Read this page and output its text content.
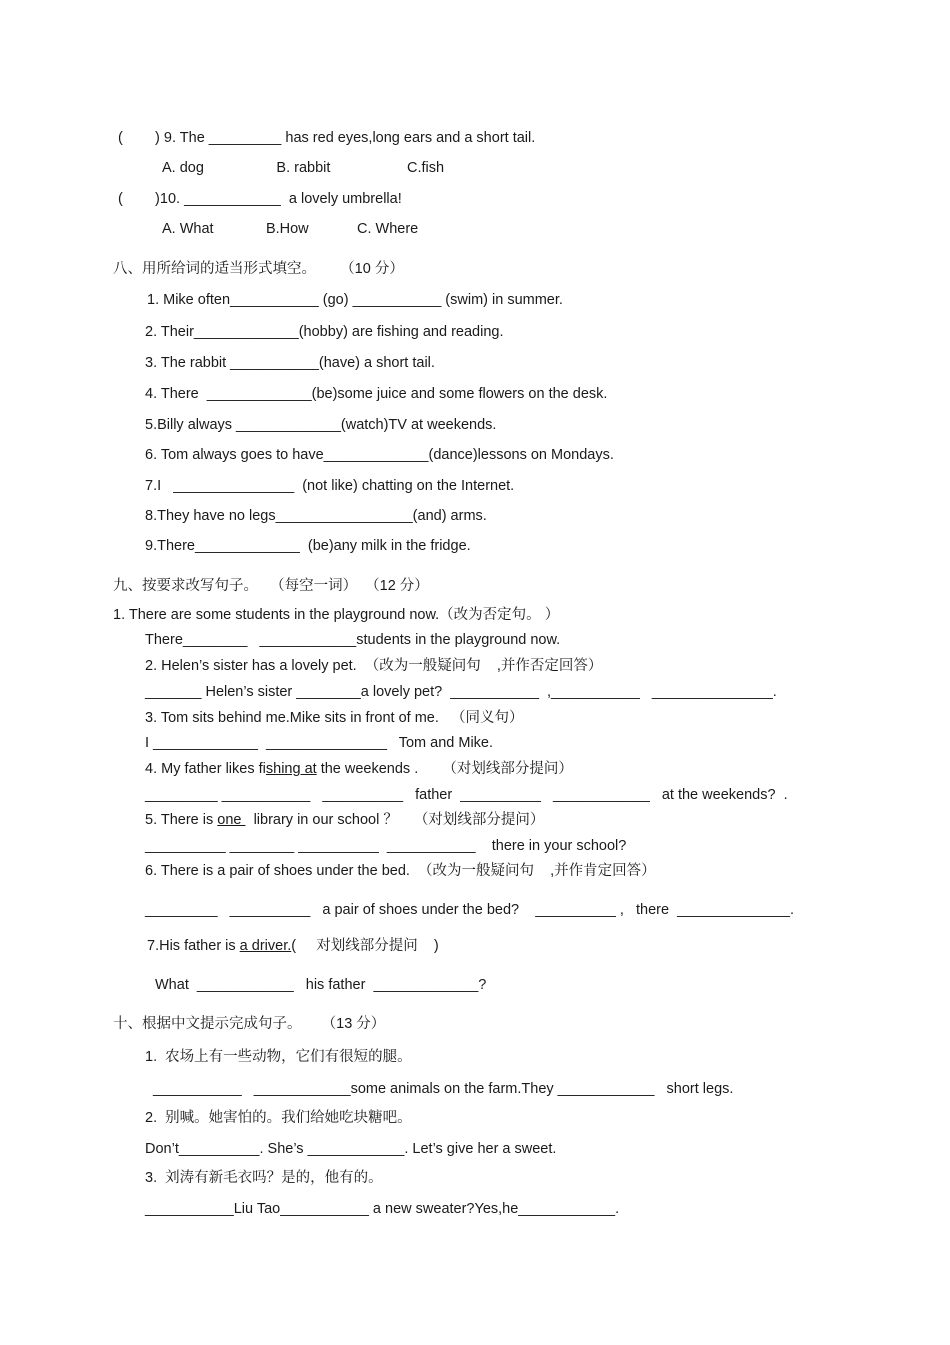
(        ) 9. The _________ has red eyes,long ears and a short tail.
A. dog                  B. rabbit                   C.fish
(        )10. ____________  a lovely umbrella!
A. What             B.How            C. Where
八、用所给词的适当形式填空。      （10 分）
1. Mike often___________ (go) ___________ (swim) in summer.
2. Their_____________(hobby) are fishing and reading.
3. The rabbit ___________(have) a short tail.
4. There  _____________(be)some juice and some flowers on the desk.
5.Billy always _____________(watch)TV at weekends.
6. Tom always goes to have_____________(dance)lessons on Mondays.
7.I   _______________  (not like) chatting on the Internet.
8.They have no legs_________________(and) arms.
9.There_____________  (be)any milk in the fridge.
九、按要求改写句子。   （每空一词）  （12 分）
1. There are some students in the playground now.（改为否定句。 ）
There________   ____________students in the playground now.
2. Helen’s sister has a lovely pet.  （改为一般疑问句    ,并作否定回答）
_______ Helen’s sister ________a lovely pet?  ___________  ,___________   _______________.
3. Tom sits behind me.Mike sits in front of me.   （同义句）
I _____________  _______________   Tom and Mike.
4. My father likes fishing at the weekends .      （对划线部分提问）
_________ ___________   __________   father  __________   ____________   at the weekends?  .
5. There is one   library in our school ？    （对划线部分提问）
__________ ________ __________  ___________    there in your school?
6. There is a pair of shoes under the bed.  （改为一般疑问句    ,并作肯定回答）
_________   __________   a pair of shoes under the bed?    __________ ,   there  ______________.
7.His father is a driver.(     对划线部分提问    )
What  ____________   his father  _____________?
十、根据中文提示完成句子。     （13 分）
1.  农场上有一些动物，它们有很短的腿。
___________   ____________some animals on the farm.They ____________   short legs.
2.  别喊。她害怕的。我们给她吃块糖吧。
Don’t__________. She’s ____________. Let’s give her a sweet.
3.  刘涛有新毛衣吗？是的，他有的。
___________Liu Tao___________ a new sweater?Yes,he____________.
